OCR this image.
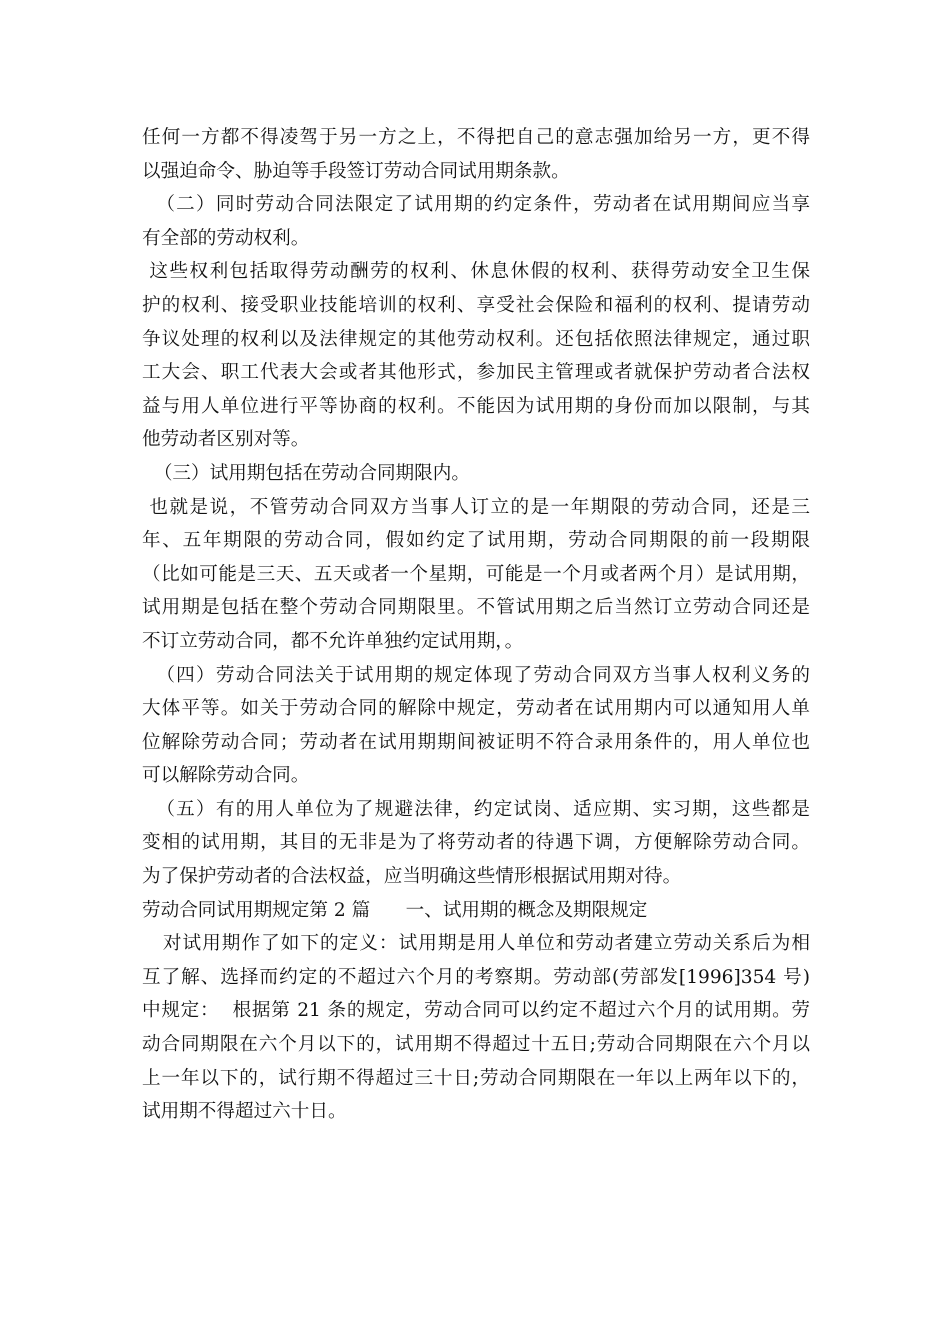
任何一方都不得凌驾于另一方之上，不得把自己的意志强加给另一方，更不得
以强迫命令、胁迫等手段签订劳动合同试用期条款。
（二）同时劳动合同法限定了试用期的约定条件，劳动者在试用期间应当享
有全部的劳动权利。
这些权利包括取得劳动酬劳的权利、休息休假的权利、获得劳动安全卫生保
护的权利、接受职业技能培训的权利、享受社会保险和福利的权利、提请劳动
争议处理的权利以及法律规定的其他劳动权利。还包括依照法律规定，通过职
工大会、职工代表大会或者其他形式，参加民主管理或者就保护劳动者合法权
益与用人单位进行平等协商的权利。不能因为试用期的身份而加以限制，与其
他劳动者区别对等。
（三）试用期包括在劳动合同期限内。
也就是说，不管劳动合同双方当事人订立的是一年期限的劳动合同，还是三
年、五年期限的劳动合同，假如约定了试用期，劳动合同期限的前一段期限
（比如可能是三天、五天或者一个星期，可能是一个月或者两个月）是试用期，
试用期是包括在整个劳动合同期限里。不管试用期之后当然订立劳动合同还是
不订立劳动合同，都不允许单独约定试用期，。
（四）劳动合同法关于试用期的规定体现了劳动合同双方当事人权利义务的
大体平等。如关于劳动合同的解除中规定，劳动者在试用期内可以通知用人单
位解除劳动合同；劳动者在试用期期间被证明不符合录用条件的，用人单位也
可以解除劳动合同。
（五）有的用人单位为了规避法律，约定试岗、适应期、实习期，这些都是
变相的试用期，其目的无非是为了将劳动者的待遇下调，方便解除劳动合同。
为了保护劳动者的合法权益，应当明确这些情形根据试用期对待。
劳动合同试用期规定第 2 篇      一、试用期的概念及期限规定
对试用期作了如下的定义：试用期是用人单位和劳动者建立劳动关系后为相
互了解、选择而约定的不超过六个月的考察期。劳动部(劳部发[1996]354 号)
中规定：  根据第 21 条的规定，劳动合同可以约定不超过六个月的试用期。劳
动合同期限在六个月以下的，试用期不得超过十五日;劳动合同期限在六个月以
上一年以下的，试行期不得超过三十日;劳动合同期限在一年以上两年以下的，
试用期不得超过六十日。
